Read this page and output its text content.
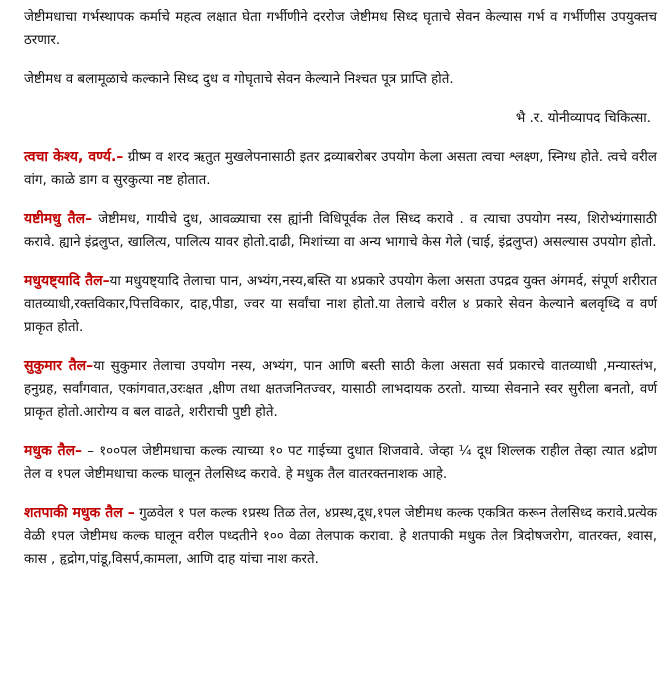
जेष्टीमधाचा गर्भस्थापक कर्माचे महत्व लक्षात घेता गर्भीणीने दररोज जेष्टीमध सिध्द घृताचे सेवन केल्यास गर्भ व गर्भीणीस उपयुक्तच ठरणार.

जेष्टीमध व बलामूळाचे कल्काने सिध्द दुध व गोघृताचे सेवन केल्याने निश्चत पूत्र प्राप्ति होते.

भै .र. योनीव्यापद चिकित्सा.

त्वचा केश्य, वर्ण्य.– ग्रीष्म व शरद ऋतुत मुखलेपनासाठी इतर द्रव्याबरोबर उपयोग केला असता त्वचा श्लक्ष्ण, स्निग्ध होते. त्वचे वरील वांग, काळे डाग व सुरकुत्या नष्ट होतात.

यष्टीमधु तैल– जेष्टीमध, गायीचे दुध, आवळ्याचा रस ह्यांनी विधिपूर्वक तेल सिध्द करावे . व त्याचा उपयोग नस्य, शिरोभ्यंगासाठी करावे. ह्याने इंद्रलुप्त, खालित्य, पालित्य यावर होतो.दाढी, मिशांच्या वा अन्य भागाचे केस गेले (चाई, इंद्रलुप्त) असल्यास उपयोग होतो.

मधुयष्ट्यादि तैल–या मधुयष्ट्यादि तेलाचा पान, अभ्यंग,नस्य,बस्ति या ४प्रकारे उपयोग केला असता उपद्रव युक्त अंगमर्द, संपूर्ण शरीरात वातव्याधी,रक्तविकार,पित्तविकार, दाह,पीडा, ज्वर या सर्वांचा नाश होतो.या तेलाचे वरील ४ प्रकारे सेवन केल्याने बलवृध्दि व वर्ण प्राकृत होतो.

सुकुमार तैल–या सुकुमार तेलाचा उपयोग नस्य, अभ्यंग, पान आणि बस्ती साठी केला असता सर्व प्रकारचे वातव्याधी ,मन्यास्तंभ, हनुग्रह, सर्वांगवात, एकांगवात,उरःक्षत ,क्षीण तथा क्षतजनितज्वर, यासाठी लाभदायक ठरतो. याच्या सेवनाने स्वर सुरीला बनतो, वर्ण प्राकृत होतो.आरोग्य व बल वाढते, शरीराची पुष्टी होते.

मधुक तैल– – १००पल जेष्टीमधाचा कल्क त्याच्या १० पट गाईच्या दुधात शिजवावे. जेव्हा ¼ दूध शिल्लक राहील तेव्हा त्यात ४द्रोण तेल व १पल जेष्टीमधाचा कल्क घालून तेलसिध्द करावे. हे मधुक तैल वातरक्तनाशक आहे.

शतपाकी मधुक तैल – गुळवेल १ पल कल्क १प्रस्थ तिळ तेल, ४प्रस्थ,दूध,१पल जेष्टीमध कल्क एकत्रित करून तेलसिध्द करावे.प्रत्येक वेळी १पल जेष्टीमध कल्क घालून वरील पध्दतीने १०० वेळा तेलपाक करावा. हे शतपाकी मधुक तेल त्रिदोषजरोग, वातरक्त, श्वास, कास , हृद्रोग,पांडू,विसर्प,कामला, आणि दाह यांचा नाश करते.
